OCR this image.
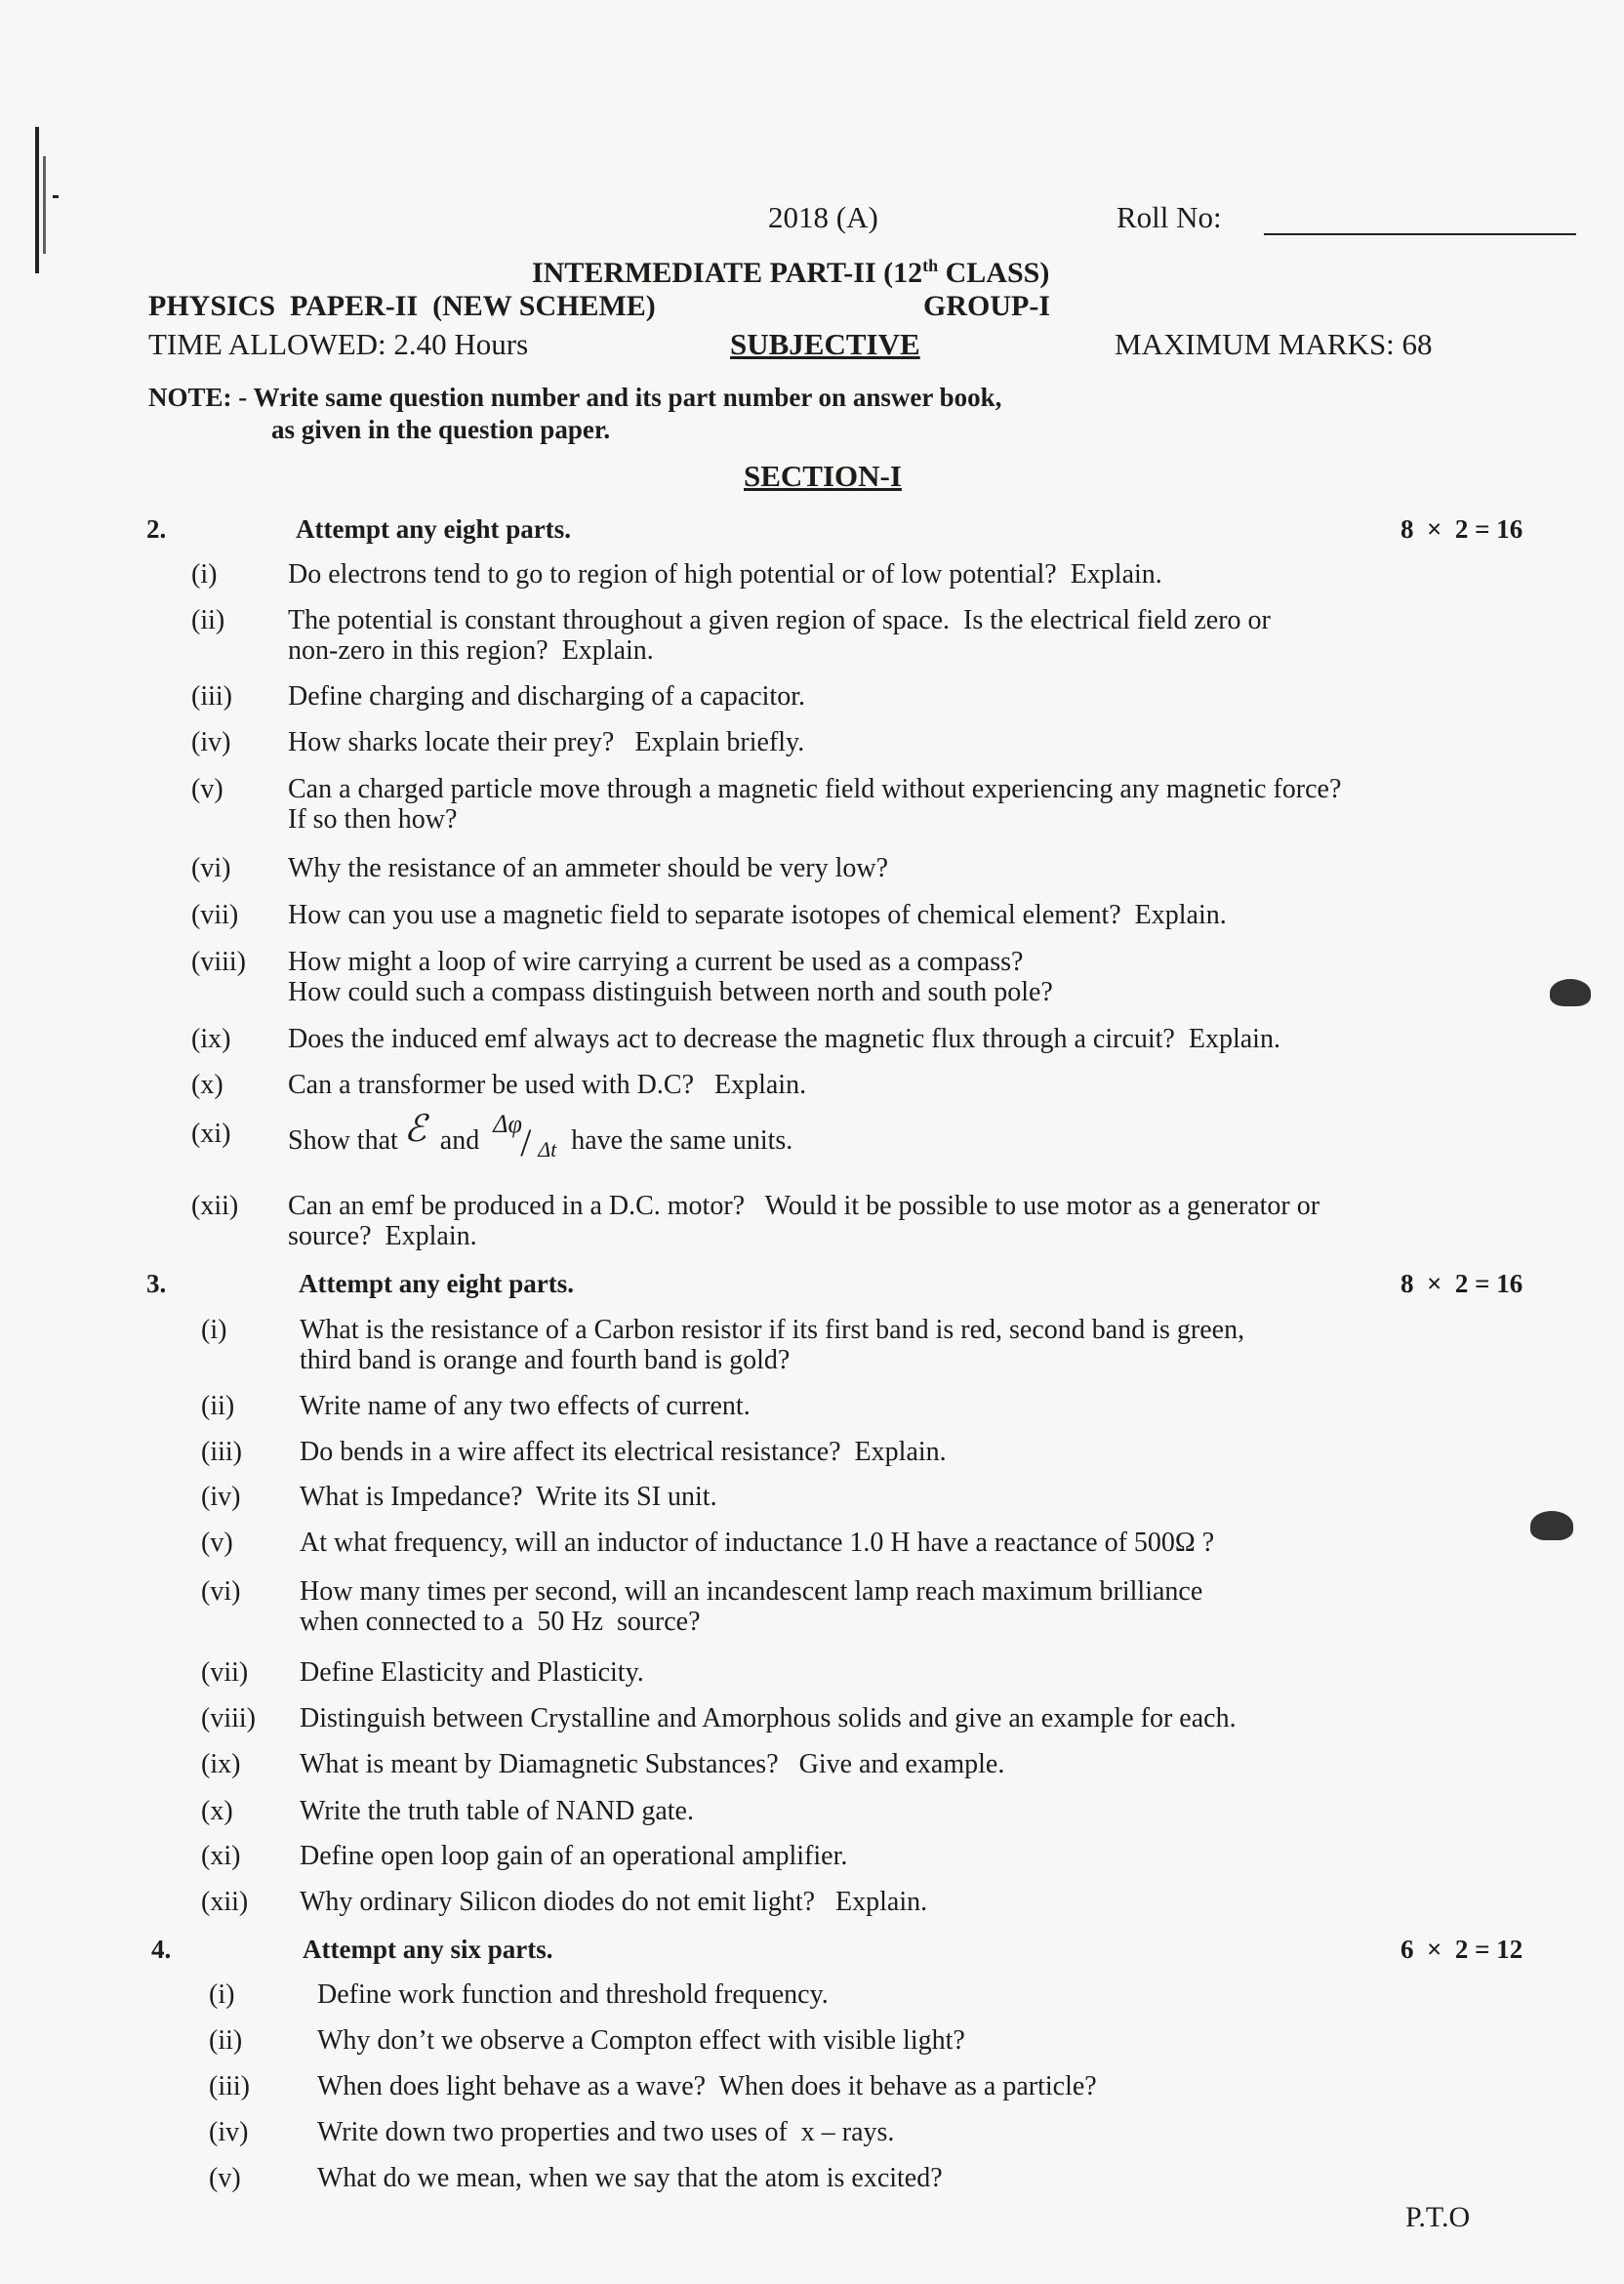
2018 (A)	Roll No:
INTERMEDIATE PART-II (12th CLASS)
PHYSICS  PAPER-II  (NEW SCHEME)	GROUP-I
TIME ALLOWED: 2.40 Hours	SUBJECTIVE	MAXIMUM MARKS: 68
NOTE: - Write same question number and its part number on answer book,
as given in the question paper.
SECTION-I
2.	Attempt any eight parts.	8  ×  2 = 16
(i)	Do electrons tend to go to region of high potential or of low potential?  Explain.
(ii) The potential is constant throughout a given region of space.  Is the electrical field zero or
non-zero in this region?  Explain.
(iii) Define charging and discharging of a capacitor.
(iv) How sharks locate their prey?   Explain briefly.
(v) Can a charged particle move through a magnetic field without experiencing any magnetic force?
If so then how?
(vi) Why the resistance of an ammeter should be very low?
(vii) How can you use a magnetic field to separate isotopes of chemical element?  Explain.
(viii) How might a loop of wire carrying a current be used as a compass?
How could such a compass distinguish between north and south pole?
(ix) Does the induced emf always act to decrease the magnetic flux through a circuit?  Explain.
(x) Can a transformer be used with D.C?   Explain.
(xi) Show that ℰ and
Δφ
/ Δt have the same units.
(xii) Can an emf be produced in a D.C. motor?   Would it be possible to use motor as a generator or
source?  Explain.
3.	Attempt any eight parts.	8  ×  2 = 16
(i)	What is the resistance of a Carbon resistor if its first band is red, second band is green,
third band is orange and fourth band is gold?
(ii) Write name of any two effects of current.
(iii) Do bends in a wire affect its electrical resistance?  Explain.
(iv) What is Impedance?  Write its SI unit.
(v) At what frequency, will an inductor of inductance 1.0 H have a reactance of 500Ω ?
(vi) How many times per second, will an incandescent lamp reach maximum brilliance
when connected to a  50 Hz  source?
(vii) Define Elasticity and Plasticity.
(viii) Distinguish between Crystalline and Amorphous solids and give an example for each.
(ix) What is meant by Diamagnetic Substances?   Give and example.
(x) Write the truth table of NAND gate.
(xi) Define open loop gain of an operational amplifier.
(xii) Why ordinary Silicon diodes do not emit light?   Explain.
4.	Attempt any six parts.	6  ×  2 = 12
(i)	Define work function and threshold frequency.
(ii)	Why don’t we observe a Compton effect with visible light?
(iii) When does light behave as a wave?  When does it behave as a particle?
(iv)	Write down two properties and two uses of  x – rays.
(v)	What do we mean, when we say that the atom is excited?
P.T.O
